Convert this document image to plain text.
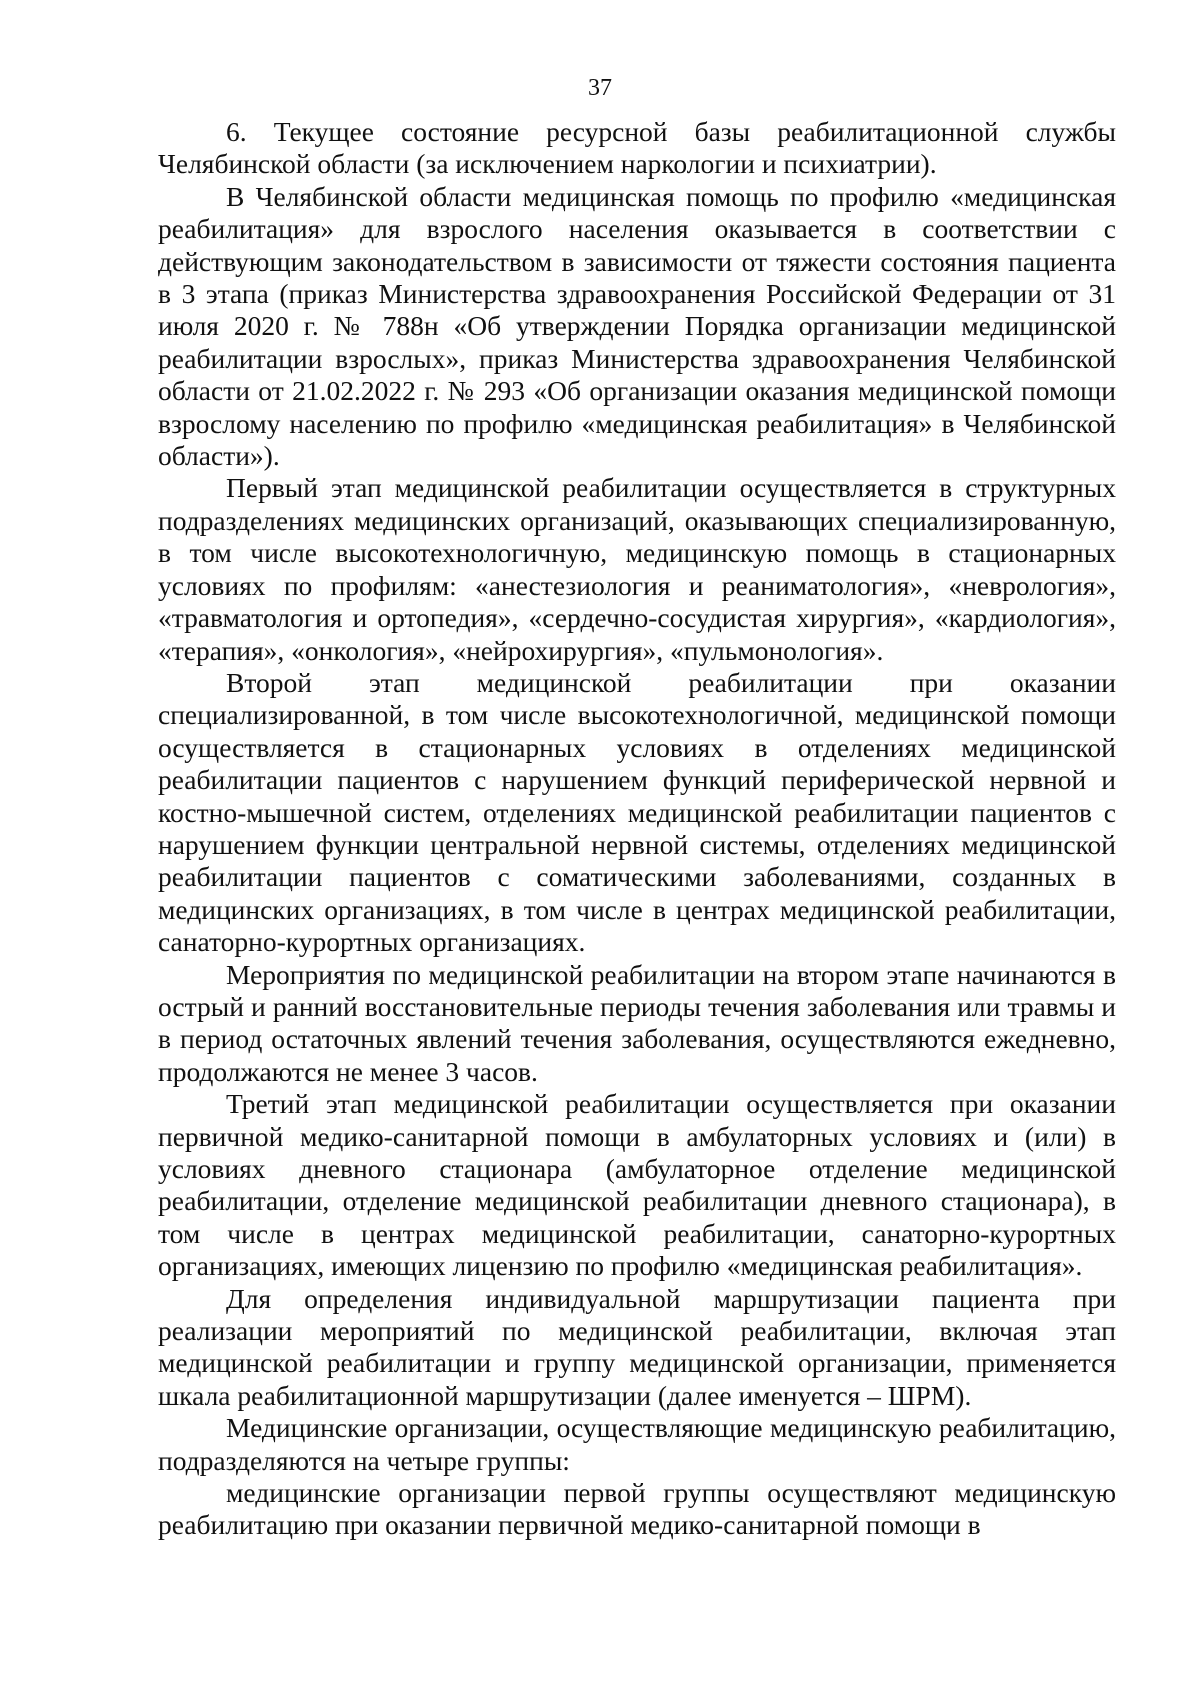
37

6. Текущее состояние ресурсной базы реабилитационной службы Челябинской области (за исключением наркологии и психиатрии).

В Челябинской области медицинская помощь по профилю «медицинская реабилитация» для взрослого населения оказывается в соответствии с действующим законодательством в зависимости от тяжести состояния пациента в 3 этапа (приказ Министерства здравоохранения Российской Федерации от 31 июля 2020 г. № 788н «Об утверждении Порядка организации медицинской реабилитации взрослых», приказ Министерства здравоохранения Челябинской области от 21.02.2022 г. № 293 «Об организации оказания медицинской помощи взрослому населению по профилю «медицинская реабилитация» в Челябинской области»).

Первый этап медицинской реабилитации осуществляется в структурных подразделениях медицинских организаций, оказывающих специализированную, в том числе высокотехнологичную, медицинскую помощь в стационарных условиях по профилям: «анестезиология и реаниматология», «неврология», «травматология и ортопедия», «сердечно-сосудистая хирургия», «кардиология», «терапия», «онкология», «нейрохирургия», «пульмонология».

Второй этап медицинской реабилитации при оказании специализированной, в том числе высокотехнологичной, медицинской помощи осуществляется в стационарных условиях в отделениях медицинской реабилитации пациентов с нарушением функций периферической нервной и костно-мышечной систем, отделениях медицинской реабилитации пациентов с нарушением функции центральной нервной системы, отделениях медицинской реабилитации пациентов с соматическими заболеваниями, созданных в медицинских организациях, в том числе в центрах медицинской реабилитации, санаторно-курортных организациях.

Мероприятия по медицинской реабилитации на втором этапе начинаются в острый и ранний восстановительные периоды течения заболевания или травмы и в период остаточных явлений течения заболевания, осуществляются ежедневно, продолжаются не менее 3 часов.

Третий этап медицинской реабилитации осуществляется при оказании первичной медико-санитарной помощи в амбулаторных условиях и (или) в условиях дневного стационара (амбулаторное отделение медицинской реабилитации, отделение медицинской реабилитации дневного стационара), в том числе в центрах медицинской реабилитации, санаторно-курортных организациях, имеющих лицензию по профилю «медицинская реабилитация».

Для определения индивидуальной маршрутизации пациента при реализации мероприятий по медицинской реабилитации, включая этап медицинской реабилитации и группу медицинской организации, применяется шкала реабилитационной маршрутизации (далее именуется – ШРМ).

Медицинские организации, осуществляющие медицинскую реабилитацию, подразделяются на четыре группы:

медицинские организации первой группы осуществляют медицинскую реабилитацию при оказании первичной медико-санитарной помощи в
